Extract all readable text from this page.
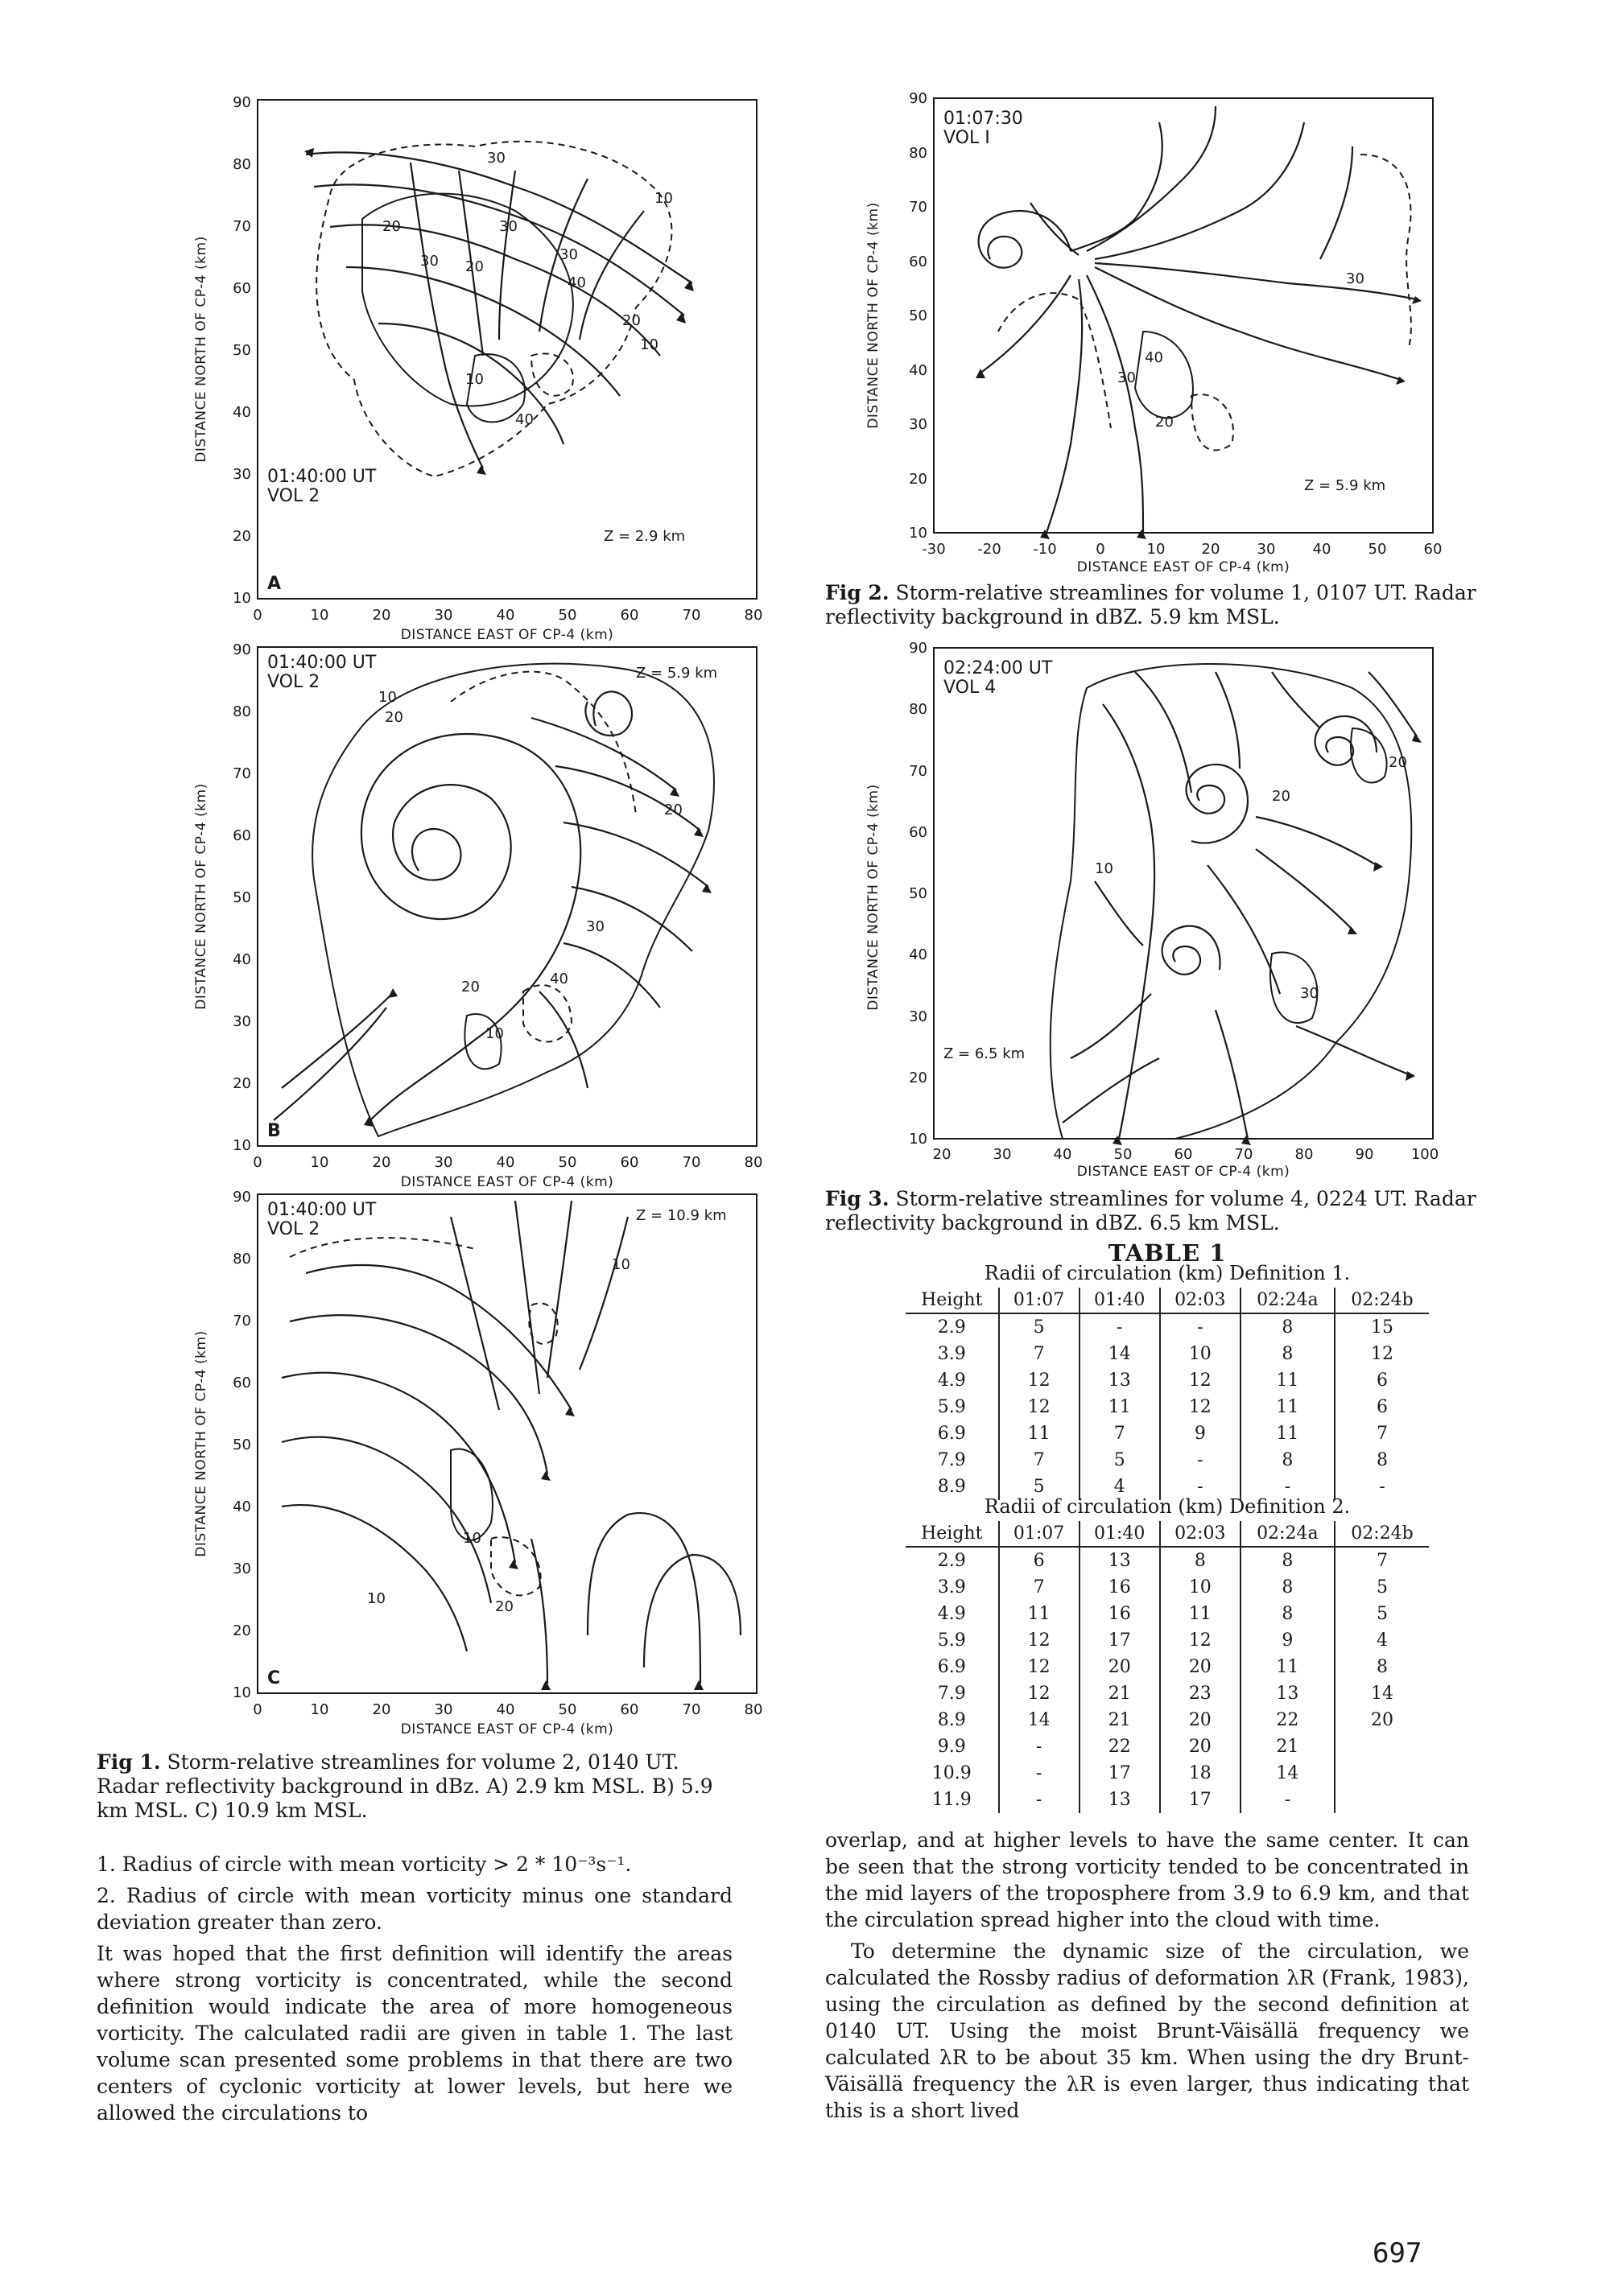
10
20
30
40
50
60
70
80
90
0	10	20	30	40	50	60	70	80
DISTANCE EAST OF CP-4 (km)
DISTANCE NORTH OF CP-4 (km)
30
10
20
30
30
20
30
40
20
10
10
40
01:40:00 UT
VOL 2
Z = 2.9 km
A
10
20
30
40
50
60
70
80
90
0	10	20	30	40	50	60	70	80
DISTANCE EAST OF CP-4 (km)
DISTANCE NORTH OF CP-4 (km)
10
20
20
30
40
20
10
01:40:00 UT
VOL 2	Z = 5.9 km
B
10
20
30
40
50
60
70
80
90
0	10	20	30	40	50	60	70	80
DISTANCE EAST OF CP-4 (km)
DISTANCE NORTH OF CP-4 (km)
10
10
10	20
01:40:00 UT
VOL 2
Z = 10.9 km
C
Fig 1. Storm-relative streamlines for volume 2, 0140 UT. Radar reflectivity background in dBz. A) 2.9 km MSL. B) 5.9 km MSL. C) 10.9 km MSL.
10
20
30
40
50
60
70
80
90
-30 -20 -10	0	10	20	30	40	50	60
DISTANCE EAST OF CP-4 (km)
DISTANCE NORTH OF CP-4 (km)	30
40
30
20
01:07:30
VOL I
Z = 5.9 km
Fig 2. Storm-relative streamlines for volume 1, 0107 UT. Radar reflectivity background in dBZ. 5.9 km MSL.
10
20
30
40
50
60
70
80
90
20	30	40	50	60	70	80	90	100
DISTANCE EAST OF CP-4 (km)
DISTANCE NORTH OF CP-4 (km)
20
20
10
30
02:24:00 UT
VOL 4
Z = 6.5 km
Fig 3. Storm-relative streamlines for volume 4, 0224 UT. Radar reflectivity background in dBZ. 6.5 km MSL.
TABLE 1
Radii of circulation (km) Definition 1.
Height	01:07	01:40	02:03	02:24a	02:24b
2.9	5	-	-	8	15
3.9	7	14	10	8	12
4.9	12	13	12	11	6
5.9	12	11	12	11	6
6.9	11	7	9	11	7
7.9	7	5	-	8	8
8.9	5	4	-	-	-
Radii of circulation (km) Definition 2.
Height	01:07	01:40	02:03	02:24a	02:24b
2.9	6	13	8	8	7
3.9	7	16	10	8	5
4.9	11	16	11	8	5
5.9	12	17	12	9	4
6.9	12	20	20	11	8
7.9	12	21	23	13	14
8.9	14	21	20	22	20
9.9	-	22	20	21	
10.9	-	17	18	14	
11.9	-	13	17	-	

1. Radius of circle with mean vorticity > 2 * 10⁻³s⁻¹.

2. Radius of circle with mean vorticity minus one standard deviation greater than zero.

It was hoped that the first definition will identify the areas where strong vorticity is concentrated, while the second definition would indicate the area of more homogeneous vorticity. The calculated radii are given in table 1. The last volume scan presented some problems in that there are two centers of cyclonic vorticity at lower levels, but here we allowed the circulations to

overlap, and at higher levels to have the same center. It can be seen that the strong vorticity tended to be concentrated in the mid layers of the troposphere from 3.9 to 6.9 km, and that the circulation spread higher into the cloud with time.

To determine the dynamic size of the circulation, we calculated the Rossby radius of deformation λR (Frank, 1983), using the circulation as defined by the second definition at 0140 UT. Using the moist Brunt-Väisällä frequency we calculated λR to be about 35 km. When using the dry Brunt-Väisällä frequency the λR is even larger, thus indicating that this is a short lived

697
